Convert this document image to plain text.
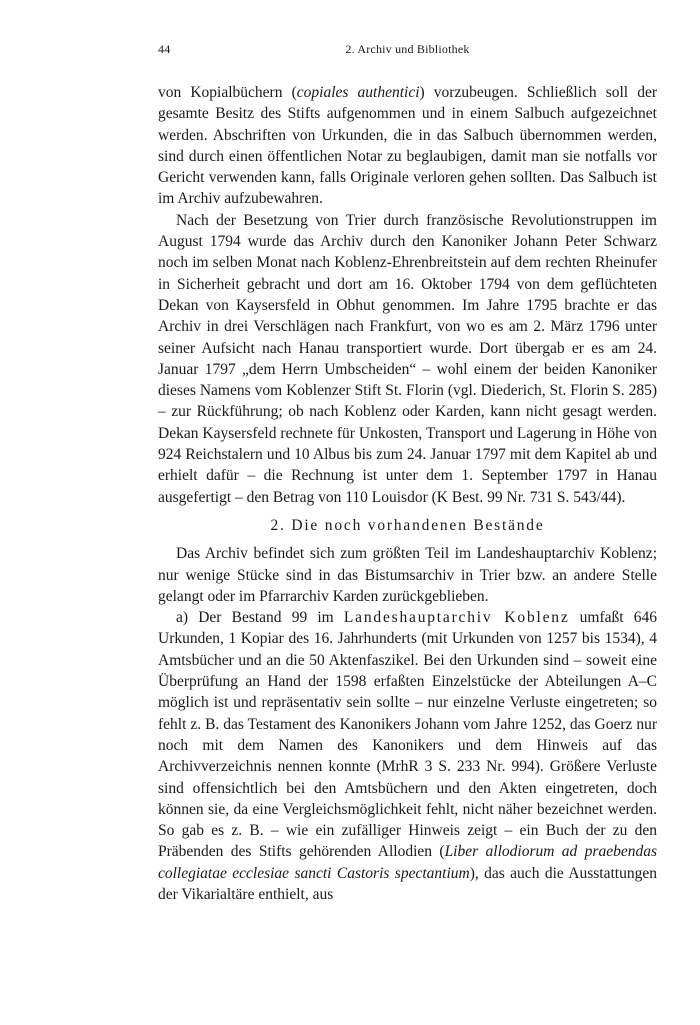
44	2. Archiv und Bibliothek

von Kopialbüchern (copiales authentici) vorzubeugen. Schließlich soll der gesamte Besitz des Stifts aufgenommen und in einem Salbuch aufgezeichnet werden. Abschriften von Urkunden, die in das Salbuch übernommen werden, sind durch einen öffentlichen Notar zu beglaubigen, damit man sie notfalls vor Gericht verwenden kann, falls Originale verloren gehen sollten. Das Salbuch ist im Archiv aufzubewahren.

Nach der Besetzung von Trier durch französische Revolutionstruppen im August 1794 wurde das Archiv durch den Kanoniker Johann Peter Schwarz noch im selben Monat nach Koblenz-Ehrenbreitstein auf dem rechten Rheinufer in Sicherheit gebracht und dort am 16. Oktober 1794 von dem geflüchteten Dekan von Kaysersfeld in Obhut genommen. Im Jahre 1795 brachte er das Archiv in drei Verschlägen nach Frankfurt, von wo es am 2. März 1796 unter seiner Aufsicht nach Hanau transportiert wurde. Dort übergab er es am 24. Januar 1797 „dem Herrn Umbscheiden“ – wohl einem der beiden Kanoniker dieses Namens vom Koblenzer Stift St. Florin (vgl. Diederich, St. Florin S. 285) – zur Rückführung; ob nach Koblenz oder Karden, kann nicht gesagt werden. Dekan Kaysersfeld rechnete für Unkosten, Transport und Lagerung in Höhe von 924 Reichstalern und 10 Albus bis zum 24. Januar 1797 mit dem Kapitel ab und erhielt dafür – die Rechnung ist unter dem 1. September 1797 in Hanau ausgefertigt – den Betrag von 110 Louisdor (K Best. 99 Nr. 731 S. 543/44).

2. Die noch vorhandenen Bestände

Das Archiv befindet sich zum größten Teil im Landeshauptarchiv Koblenz; nur wenige Stücke sind in das Bistumsarchiv in Trier bzw. an andere Stelle gelangt oder im Pfarrarchiv Karden zurückgeblieben.

a) Der Bestand 99 im Landeshauptarchiv Koblenz umfaßt 646 Urkunden, 1 Kopiar des 16. Jahrhunderts (mit Urkunden von 1257 bis 1534), 4 Amtsbücher und an die 50 Aktenfaszikel. Bei den Urkunden sind – soweit eine Überprüfung an Hand der 1598 erfaßten Einzelstücke der Abteilungen A–C möglich ist und repräsentativ sein sollte – nur einzelne Verluste eingetreten; so fehlt z. B. das Testament des Kanonikers Johann vom Jahre 1252, das Goerz nur noch mit dem Namen des Kanonikers und dem Hinweis auf das Archivverzeichnis nennen konnte (MrhR 3 S. 233 Nr. 994). Größere Verluste sind offensichtlich bei den Amtsbüchern und den Akten eingetreten, doch können sie, da eine Vergleichsmöglichkeit fehlt, nicht näher bezeichnet werden. So gab es z. B. – wie ein zufälliger Hinweis zeigt – ein Buch der zu den Präbenden des Stifts gehörenden Allodien (Liber allodiorum ad praebendas collegiatae ecclesiae sancti Castoris spectantium), das auch die Ausstattungen der Vikarialtäre enthielt, aus
